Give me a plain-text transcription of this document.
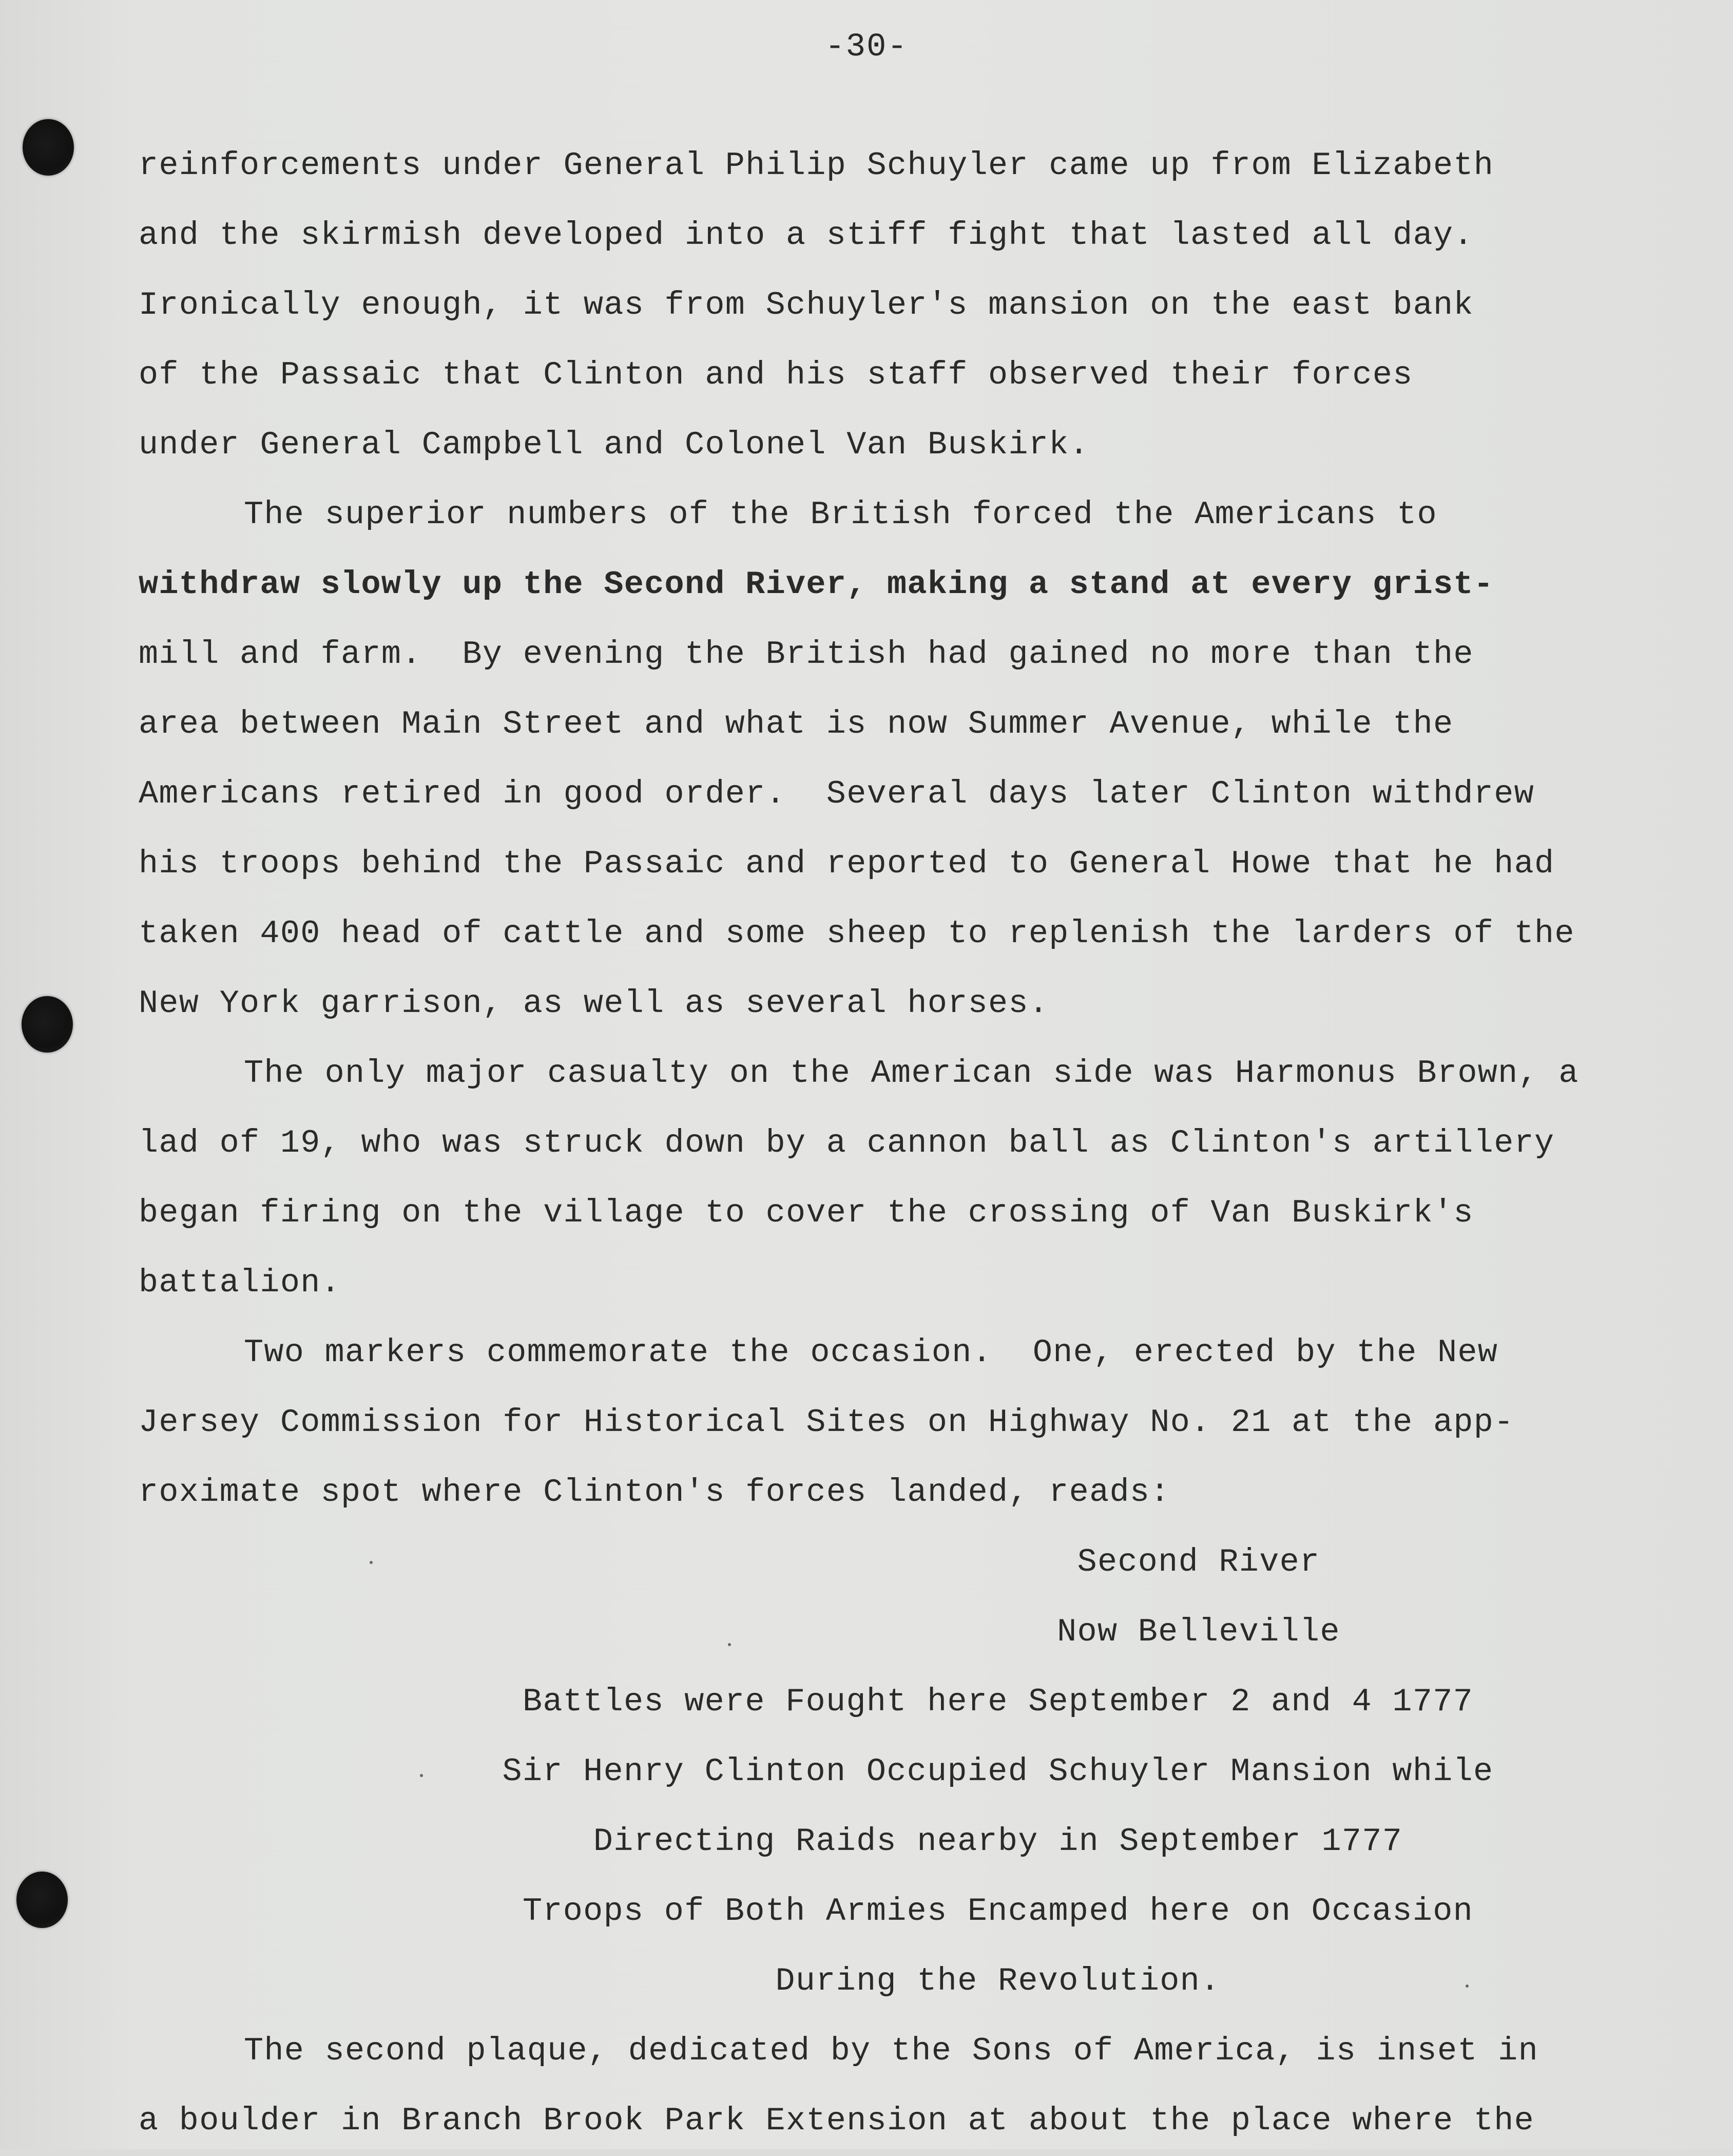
-30-
reinforcements under General Philip Schuyler came up from Elizabeth
and the skirmish developed into a stiff fight that lasted all day.
Ironically enough, it was from Schuyler's mansion on the east bank
of the Passaic that Clinton and his staff observed their forces
under General Campbell and Colonel Van Buskirk.
The superior numbers of the British forced the Americans to
withdraw slowly up the Second River, making a stand at every grist-
mill and farm.  By evening the British had gained no more than the
area between Main Street and what is now Summer Avenue, while the
Americans retired in good order.  Several days later Clinton withdrew
his troops behind the Passaic and reported to General Howe that he had
taken 400 head of cattle and some sheep to replenish the larders of the
New York garrison, as well as several horses.
The only major casualty on the American side was Harmonus Brown, a
lad of 19, who was struck down by a cannon ball as Clinton's artillery
began firing on the village to cover the crossing of Van Buskirk's
battalion.
Two markers commemorate the occasion.  One, erected by the New
Jersey Commission for Historical Sites on Highway No. 21 at the app-
roximate spot where Clinton's forces landed, reads:
Second River
Now Belleville
Battles were Fought here September 2 and 4 1777
Sir Henry Clinton Occupied Schuyler Mansion while
Directing Raids nearby in September 1777
Troops of Both Armies Encamped here on Occasion
During the Revolution.
The second plaque, dedicated by the Sons of America, is inset in
a boulder in Branch Brook Park Extension at about the place where the
